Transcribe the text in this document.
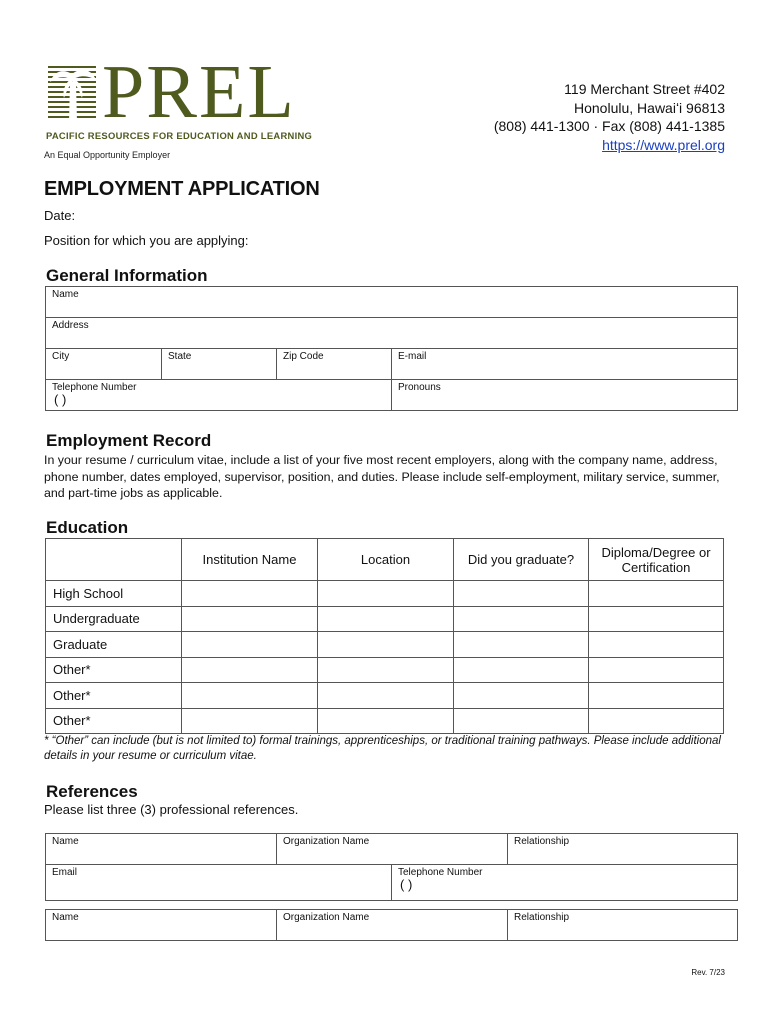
PREL
PACIFIC RESOURCES FOR EDUCATION AND LEARNING
An Equal Opportunity Employer
119 Merchant Street #402
Honolulu, Hawaiʻi 96813
(808) 441-1300 · Fax (808) 441-1385
https://www.prel.org
EMPLOYMENT APPLICATION
Date:
Position for which you are applying:
General Information
Name			

Address			

City	State	Zip Code	E-mail

Telephone Number
( )			Pronouns
Employment Record
In your resume / curriculum vitae, include a list of your five most recent employers, along with the company name, address, phone number, dates employed, supervisor, position, and duties. Please include self-employment, military service, summer, and part-time jobs as applicable.
Education
	Institution Name	Location	Did you graduate?	Diploma/Degree or Certification
High School				
Undergraduate				
Graduate				
Other*				
Other*				
Other*				
* “Other” can include (but is not limited to) formal trainings, apprenticeships, or traditional training pathways. Please include additional details in your resume or curriculum vitae.
References
Please list three (3) professional references.
Name	Organization Name		Relationship

Email		Telephone Number
( )	
Name	Organization Name	Relationship
Rev. 7/23
